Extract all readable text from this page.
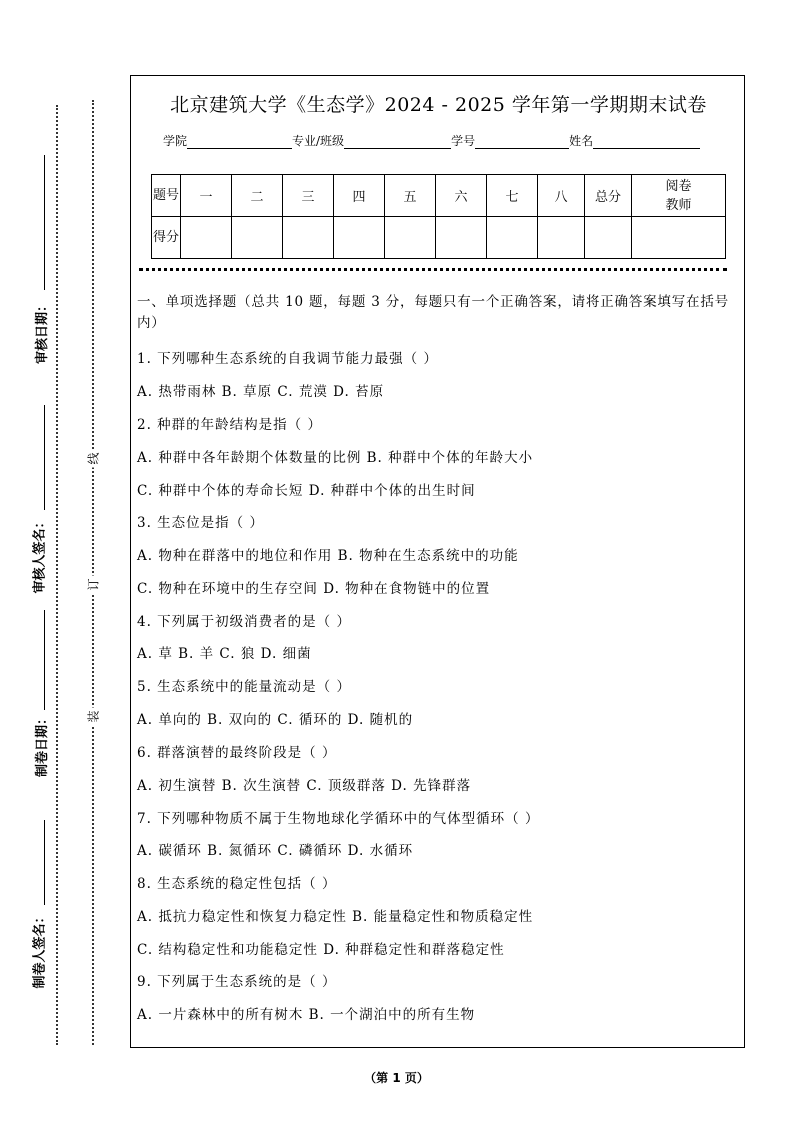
审核日期：
审核人签名：
制卷日期：
制卷人签名：
线
订
装
北京建筑大学《生态学》2024 - 2025 学年第一学期期末试卷
学院	专业/班级	学号	姓名
题号	一	二	三	四	五	六	七	八	总分	阅卷教师
得分										
一、单项选择题（总共 10 题，每题 3 分，每题只有一个正确答案，请将正确答案填写在括号内）
1. 下列哪种生态系统的自我调节能力最强（ ）
A. 热带雨林 B. 草原 C. 荒漠 D. 苔原
2. 种群的年龄结构是指（ ）
A. 种群中各年龄期个体数量的比例 B. 种群中个体的年龄大小
C. 种群中个体的寿命长短 D. 种群中个体的出生时间
3. 生态位是指（ ）
A. 物种在群落中的地位和作用 B. 物种在生态系统中的功能
C. 物种在环境中的生存空间 D. 物种在食物链中的位置
4. 下列属于初级消费者的是（ ）
A. 草 B. 羊 C. 狼 D. 细菌
5. 生态系统中的能量流动是（ ）
A. 单向的 B. 双向的 C. 循环的 D. 随机的
6. 群落演替的最终阶段是（ ）
A. 初生演替 B. 次生演替 C. 顶级群落 D. 先锋群落
7. 下列哪种物质不属于生物地球化学循环中的气体型循环（ ）
A. 碳循环 B. 氮循环 C. 磷循环 D. 水循环
8. 生态系统的稳定性包括（ ）
A. 抵抗力稳定性和恢复力稳定性 B. 能量稳定性和物质稳定性
C. 结构稳定性和功能稳定性 D. 种群稳定性和群落稳定性
9. 下列属于生态系统的是（ ）
A. 一片森林中的所有树木 B. 一个湖泊中的所有生物
（第 1 页）
